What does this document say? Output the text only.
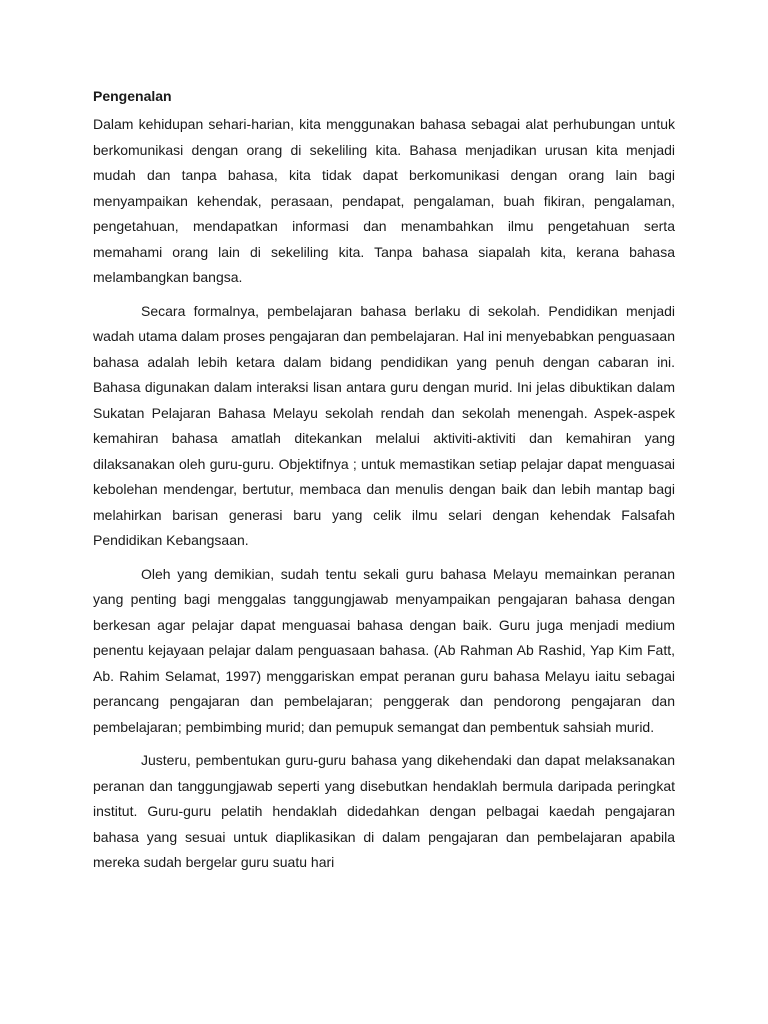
Pengenalan

Dalam kehidupan sehari-harian, kita menggunakan bahasa sebagai alat perhubungan untuk berkomunikasi dengan orang di sekeliling kita. Bahasa menjadikan urusan kita menjadi mudah dan tanpa bahasa, kita tidak dapat berkomunikasi dengan orang lain bagi menyampaikan kehendak, perasaan, pendapat, pengalaman, buah fikiran, pengalaman, pengetahuan, mendapatkan informasi dan menambahkan ilmu pengetahuan serta memahami orang lain di sekeliling kita. Tanpa bahasa siapalah kita, kerana bahasa melambangkan bangsa.

Secara formalnya, pembelajaran bahasa berlaku di sekolah. Pendidikan menjadi wadah utama dalam proses pengajaran dan pembelajaran. Hal ini menyebabkan penguasaan bahasa adalah lebih ketara dalam bidang pendidikan yang penuh dengan cabaran ini. Bahasa digunakan dalam interaksi lisan antara guru dengan murid. Ini jelas dibuktikan dalam Sukatan Pelajaran Bahasa Melayu sekolah rendah dan sekolah menengah. Aspek-aspek kemahiran bahasa amatlah ditekankan melalui aktiviti-aktiviti dan kemahiran yang dilaksanakan oleh guru-guru. Objektifnya ; untuk memastikan setiap pelajar dapat menguasai kebolehan mendengar, bertutur, membaca dan menulis dengan baik dan lebih mantap bagi melahirkan barisan generasi baru yang celik ilmu selari dengan kehendak Falsafah Pendidikan Kebangsaan.

Oleh yang demikian, sudah tentu sekali guru bahasa Melayu memainkan peranan yang penting bagi menggalas tanggungjawab menyampaikan pengajaran bahasa dengan berkesan agar pelajar dapat menguasai bahasa dengan baik. Guru juga menjadi medium penentu kejayaan pelajar dalam penguasaan bahasa. (Ab Rahman Ab Rashid, Yap Kim Fatt, Ab. Rahim Selamat, 1997) menggariskan empat peranan guru bahasa Melayu iaitu sebagai perancang pengajaran dan pembelajaran; penggerak dan pendorong pengajaran dan pembelajaran; pembimbing murid; dan pemupuk semangat dan pembentuk sahsiah murid.

Justeru, pembentukan guru-guru bahasa yang dikehendaki dan dapat melaksanakan peranan dan tanggungjawab seperti yang disebutkan hendaklah bermula daripada peringkat institut. Guru-guru pelatih hendaklah didedahkan dengan pelbagai kaedah pengajaran bahasa yang sesuai untuk diaplikasikan di dalam pengajaran dan pembelajaran apabila mereka sudah bergelar guru suatu hari
